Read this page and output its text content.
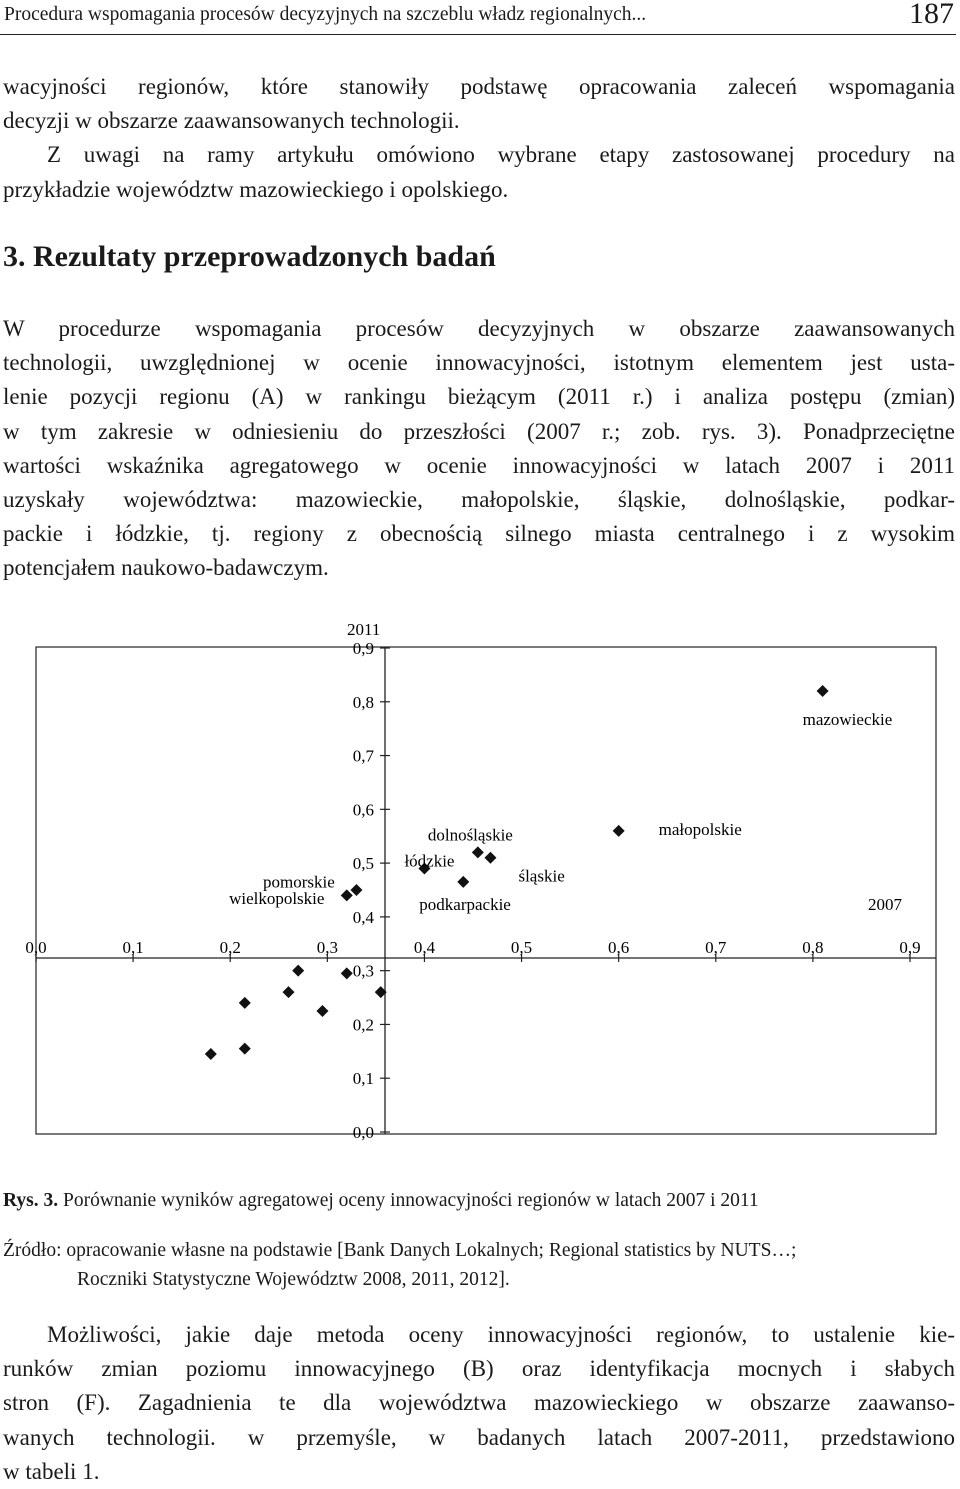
Procedura wspomagania procesów decyzyjnych na szczeblu władz regionalnych...	187
wacyjności regionów, które stanowiły podstawę opracowania zaleceń wspomagania
decyzji w obszarze zaawansowanych technologii.
Z uwagi na ramy artykułu omówiono wybrane etapy zastosowanej procedury na
przykładzie województw mazowieckiego i opolskiego.
3. Rezultaty przeprowadzonych badań
W procedurze wspomagania procesów decyzyjnych w obszarze zaawansowanych
technologii, uwzględnionej w ocenie innowacyjności, istotnym elementem jest usta-
lenie pozycji regionu (A) w rankingu bieżącym (2011 r.) i analiza postępu (zmian)
w tym zakresie w odniesieniu do przeszłości (2007 r.; zob. rys. 3). Ponadprzeciętne
wartości wskaźnika agregatowego w ocenie innowacyjności w latach 2007 i 2011
uzyskały województwa: mazowieckie, małopolskie, śląskie, dolnośląskie, podkar-
packie i łódzkie, tj. regiony z obecnością silnego miasta centralnego i z wysokim
potencjałem naukowo-badawczym.
2011
2007
0,0	0,1	0,2	0,3	0,4	0,5	0,6	0,7	0,8	0,9
0,0
0,1
0,2
0,3
0,4
0,5
0,6
0,7
0,8
0,9
mazowieckie
małopolskie
dolnośląskie
śląskie
łódzkie
podkarpackie
pomorskie
wielkopolskie
Rys. 3. Porównanie wyników agregatowej oceny innowacyjności regionów w latach 2007 i 2011
Źródło: opracowanie własne na podstawie [Bank Danych Lokalnych; Regional statistics by NUTS…;
Roczniki Statystyczne Województw 2008, 2011, 2012].
Możliwości, jakie daje metoda oceny innowacyjności regionów, to ustalenie kie-
runków zmian poziomu innowacyjnego (B) oraz identyfikacja mocnych i słabych
stron (F). Zagadnienia te dla województwa mazowieckiego w obszarze zaawanso-
wanych technologii. w przemyśle, w badanych latach 2007-2011, przedstawiono
w tabeli 1.
